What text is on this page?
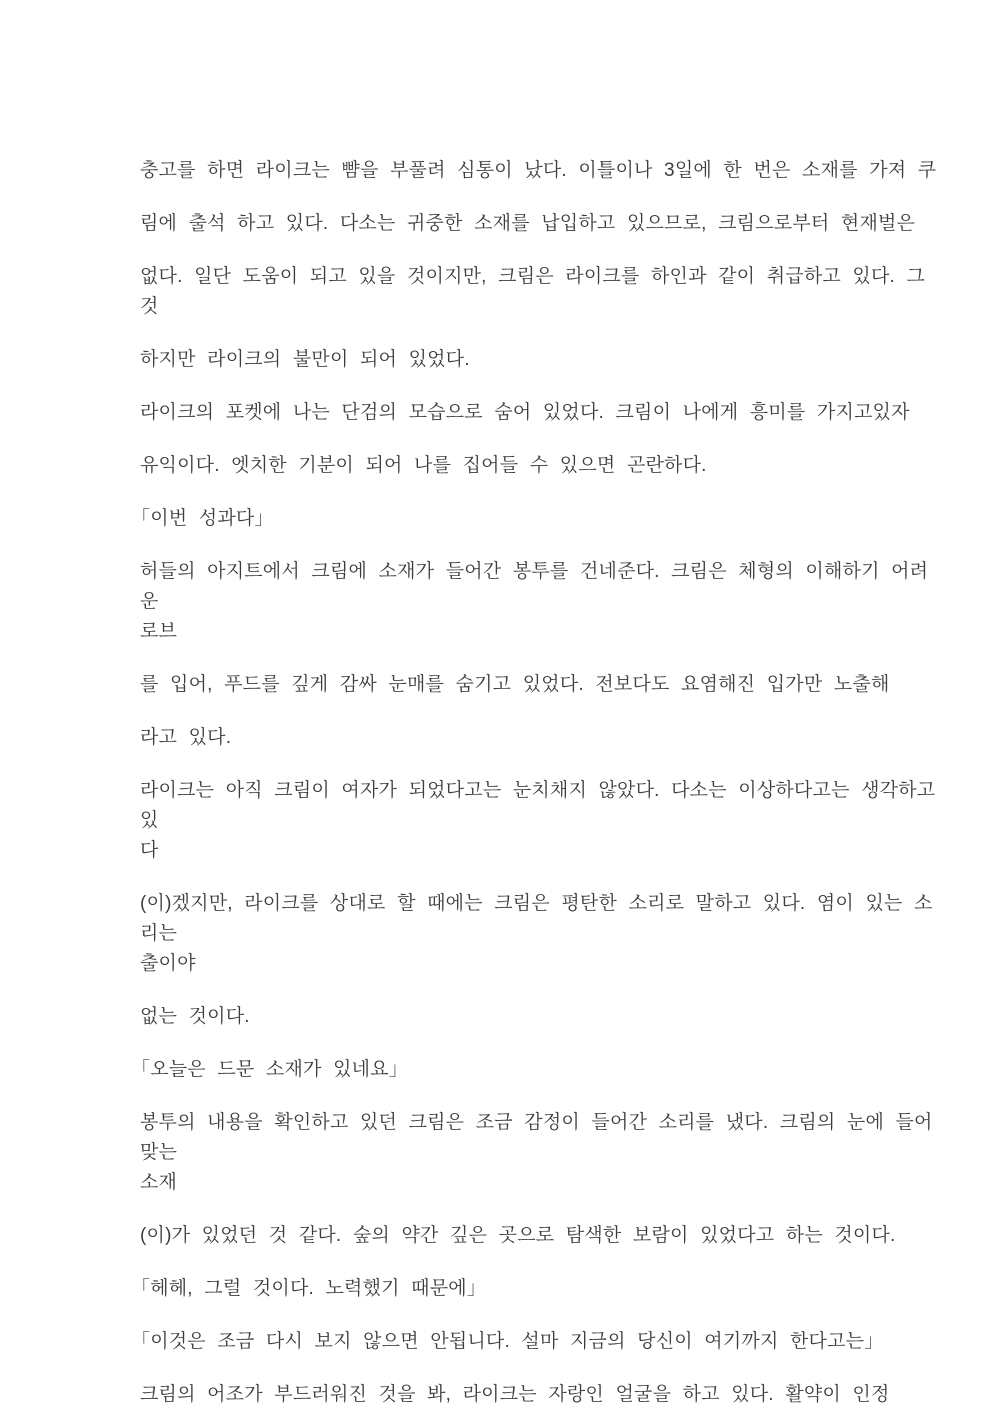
충고를 하면 라이크는 뺨을 부풀려 심통이 났다. 이틀이나 3일에 한 번은 소재를 가져 쿠

림에 출석 하고 있다. 다소는 귀중한 소재를 납입하고 있으므로, 크림으로부터 현재벌은

없다. 일단 도움이 되고 있을 것이지만, 크림은 라이크를 하인과 같이 취급하고 있다. 그것

하지만 라이크의 불만이 되어 있었다.

라이크의 포켓에 나는 단검의 모습으로 숨어 있었다. 크림이 나에게 흥미를 가지고있자

유익이다. 엣치한 기분이 되어 나를 집어들 수 있으면 곤란하다.

「이번 성과다」

허들의 아지트에서 크림에 소재가 들어간 봉투를 건네준다. 크림은 체형의 이해하기 어려운
로브

를 입어, 푸드를 깊게 감싸 눈매를 숨기고 있었다. 전보다도 요염해진 입가만 노출해

라고 있다.

라이크는 아직 크림이 여자가 되었다고는 눈치채지 않았다. 다소는 이상하다고는 생각하고 있
다

(이)겠지만, 라이크를 상대로 할 때에는 크림은 평탄한 소리로 말하고 있다. 염이 있는 소리는
출이야

없는 것이다.

「오늘은 드문 소재가 있네요」

봉투의 내용을 확인하고 있던 크림은 조금 감정이 들어간 소리를 냈다. 크림의 눈에 들어맞는
소재

(이)가 있었던 것 같다. 숲의 약간 깊은 곳으로 탐색한 보람이 있었다고 하는 것이다.

「헤헤, 그럴 것이다. 노력했기 때문에」

「이것은 조금 다시 보지 않으면 안됩니다. 설마 지금의 당신이 여기까지 한다고는」

크림의 어조가 부드러워진 것을 봐, 라이크는 자랑인 얼굴을 하고 있다. 활약이 인정
